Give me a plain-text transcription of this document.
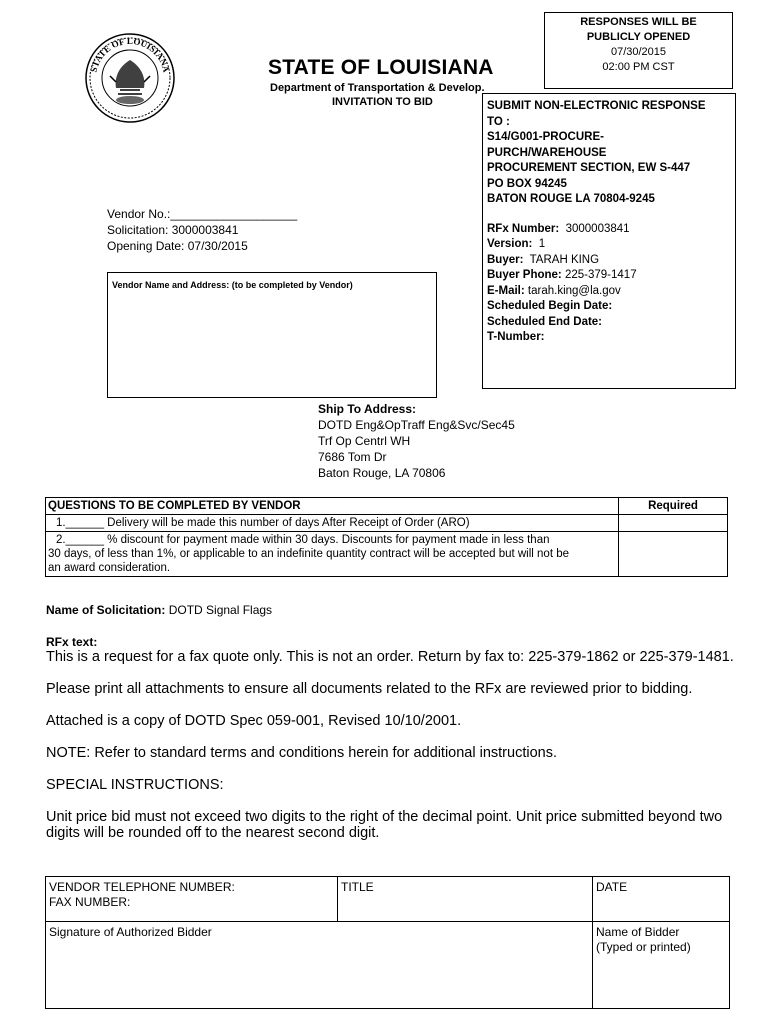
STATE OF LOUISIANA	STATE OF LOUISIANA
Department of Transportation & Develop.
INVITATION TO BID
RESPONSES WILL BE
PUBLICLY OPENED
07/30/2015
02:00 PM CST
SUBMIT NON-ELECTRONIC RESPONSE
TO :
S14/G001-PROCURE-
PURCH/WAREHOUSE
PROCUREMENT SECTION, EW S-447
PO BOX 94245
BATON ROUGE LA 70804-9245
RFx Number: 3000003841
Version: 1
Buyer: TARAH KING
Buyer Phone: 225-379-1417
E-Mail: tarah.king@la.gov
Scheduled Begin Date:
Scheduled End Date:
T-Number:
Vendor No.:___________________
Solicitation: 3000003841
Opening Date: 07/30/2015
Vendor Name and Address: (to be completed by Vendor)
Ship To Address:
DOTD Eng&OpTraff Eng&Svc/Sec45
Trf Op Centrl WH
7686 Tom Dr
Baton Rouge, LA 70806
QUESTIONS TO BE COMPLETED BY VENDOR	Required
1.______ Delivery will be made this number of days After Receipt of Order (ARO)	

2.______ % discount for payment made within 30 days. Discounts for payment made in less than
30 days, of less than 1%, or applicable to an indefinite quantity contract will be accepted but will not be
an award consideration.	

Name of Solicitation: DOTD Signal Flags
RFx text:

This is a request for a fax quote only. This is not an order. Return by fax to: 225-379-1862 or 225-379-1481.

Please print all attachments to ensure all documents related to the RFx are reviewed prior to bidding.

Attached is a copy of DOTD Spec 059-001, Revised 10/10/2001.

NOTE: Refer to standard terms and conditions herein for additional instructions.

SPECIAL INSTRUCTIONS:

Unit price bid must not exceed two digits to the right of the decimal point. Unit price submitted beyond two digits will be rounded off to the nearest second digit.

VENDOR TELEPHONE NUMBER:
FAX NUMBER:	TITLE	DATE
Signature of Authorized Bidder		Name of Bidder
(Typed or printed)
